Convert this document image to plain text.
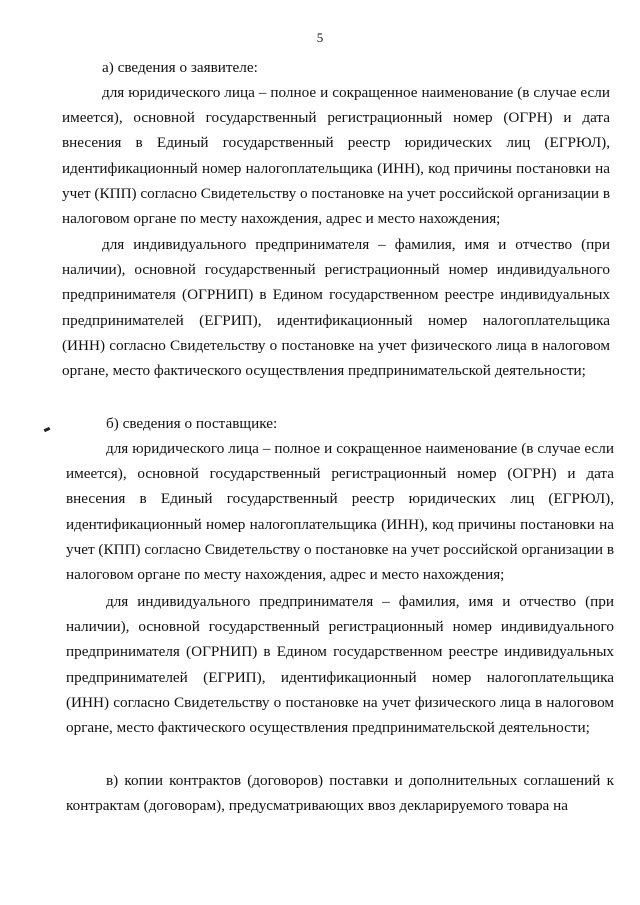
5

а) сведения о заявителе:

для юридического лица – полное и сокращенное наименование (в случае если имеется), основной государственный регистрационный номер (ОГРН) и дата внесения в Единый государственный реестр юридических лиц (ЕГРЮЛ), идентификационный номер налогоплательщика (ИНН), код причины постановки на учет (КПП) согласно Свидетельству о постановке на учет российской организации в налоговом органе по месту нахождения, адрес и место нахождения;

для индивидуального предпринимателя – фамилия, имя и отчество (при наличии), основной государственный регистрационный номер индивидуального предпринимателя (ОГРНИП) в Едином государственном реестре индивидуальных предпринимателей (ЕГРИП), идентификационный номер налогоплательщика (ИНН) согласно Свидетельству о постановке на учет физического лица в налоговом органе, место фактического осуществления предпринимательской деятельности;

б) сведения о поставщике:

для юридического лица – полное и сокращенное наименование (в случае если имеется), основной государственный регистрационный номер (ОГРН) и дата внесения в Единый государственный реестр юридических лиц (ЕГРЮЛ), идентификационный номер налогоплательщика (ИНН), код причины постановки на учет (КПП) согласно Свидетельству о постановке на учет российской организации в налоговом органе по месту нахождения, адрес и место нахождения;

для индивидуального предпринимателя – фамилия, имя и отчество (при наличии), основной государственный регистрационный номер индивидуального предпринимателя (ОГРНИП) в Едином государственном реестре индивидуальных предпринимателей (ЕГРИП), идентификационный номер налогоплательщика (ИНН) согласно Свидетельству о постановке на учет физического лица в налоговом органе, место фактического осуществления предпринимательской деятельности;

в) копии контрактов (договоров) поставки и дополнительных соглашений к контрактам (договорам), предусматривающих ввоз декларируемого товара на
